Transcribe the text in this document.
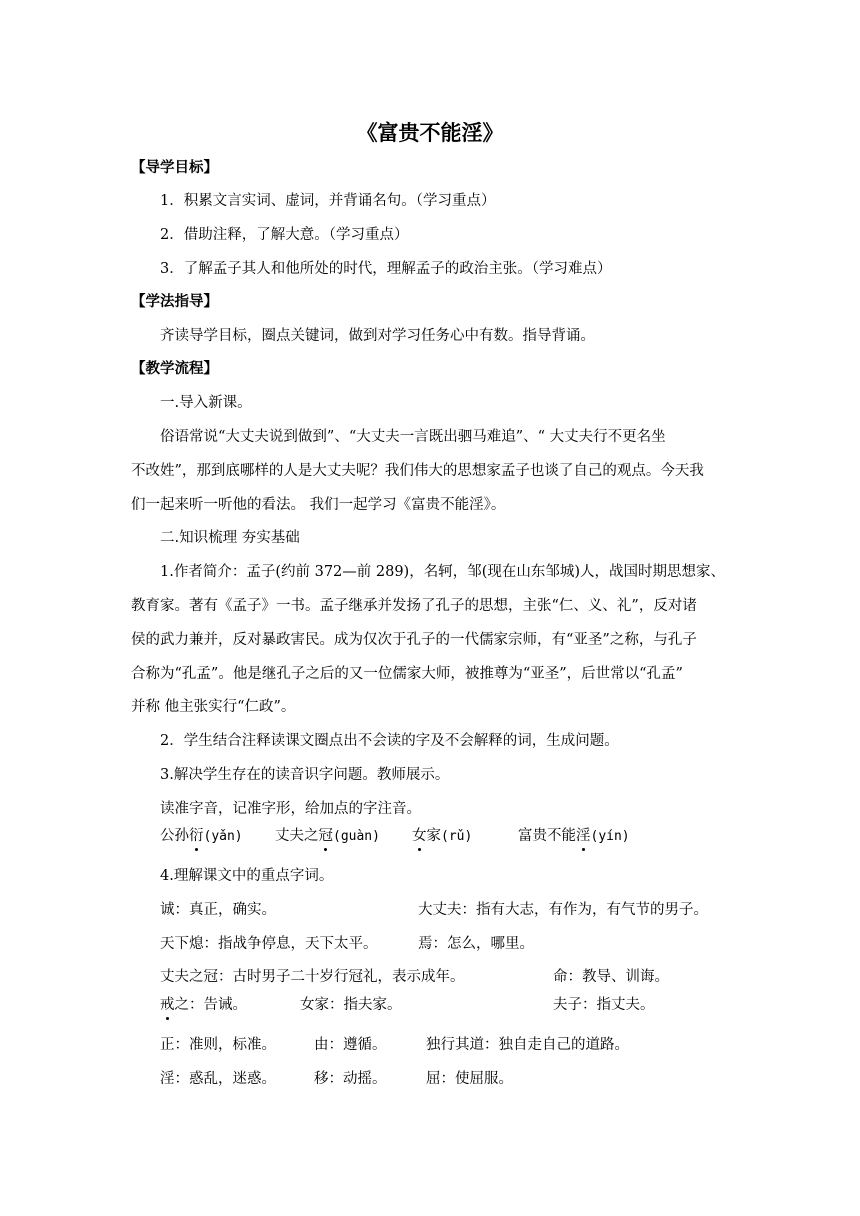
《富贵不能淫》
【导学目标】
1．积累文言实词、虚词，并背诵名句。（学习重点）
2．借助注释，了解大意。（学习重点）
3．了解孟子其人和他所处的时代，理解孟子的政治主张。（学习难点）
【学法指导】
齐读导学目标，圈点关键词，做到对学习任务心中有数。指导背诵。
【教学流程】
一.导入新课。
俗语常说“大丈夫说到做到”、“大丈夫一言既出驷马难追”、“ 大丈夫行不更名坐
不改姓”，那到底哪样的人是大丈夫呢？我们伟大的思想家孟子也谈了自己的观点。今天我
们一起来听一听他的看法。 我们一起学习《富贵不能淫》。
二.知识梳理 夯实基础
1.作者简介：孟子(约前 372—前 289)，名轲，邹(现在山东邹城)人，战国时期思想家、
教育家。著有《孟子》一书。孟子继承并发扬了孔子的思想，主张“仁、义、礼”，反对诸
侯的武力兼并，反对暴政害民。成为仅次于孔子的一代儒家宗师，有“亚圣”之称，与孔子
合称为“孔孟”。他是继孔子之后的又一位儒家大师，被推尊为“亚圣”，后世常以“孔孟”
并称 他主张实行“仁政”。
2．学生结合注释读课文圈点出不会读的字及不会解释的词，生成问题。
3.解决学生存在的读音识字问题。教师展示。
读准字音，记准字形，给加点的字注音。
公孙衍(yǎn) 丈夫之冠(guàn) 女家(rǔ)	富贵不能淫(yín)
4.理解课文中的重点字词。
诚：真正，确实。	大丈夫：指有大志，有作为，有气节的男子。
天下熄：指战争停息，天下太平。	焉：怎么，哪里。
丈夫之冠：古时男子二十岁行冠礼，表示成年。	命：教导、训诲。
戒之：告诫。	女家：指夫家。	夫子：指丈夫。
正：准则，标准。	由：遵循。	独行其道：独自走自己的道路。
淫：惑乱，迷惑。	移：动摇。	屈：使屈服。
